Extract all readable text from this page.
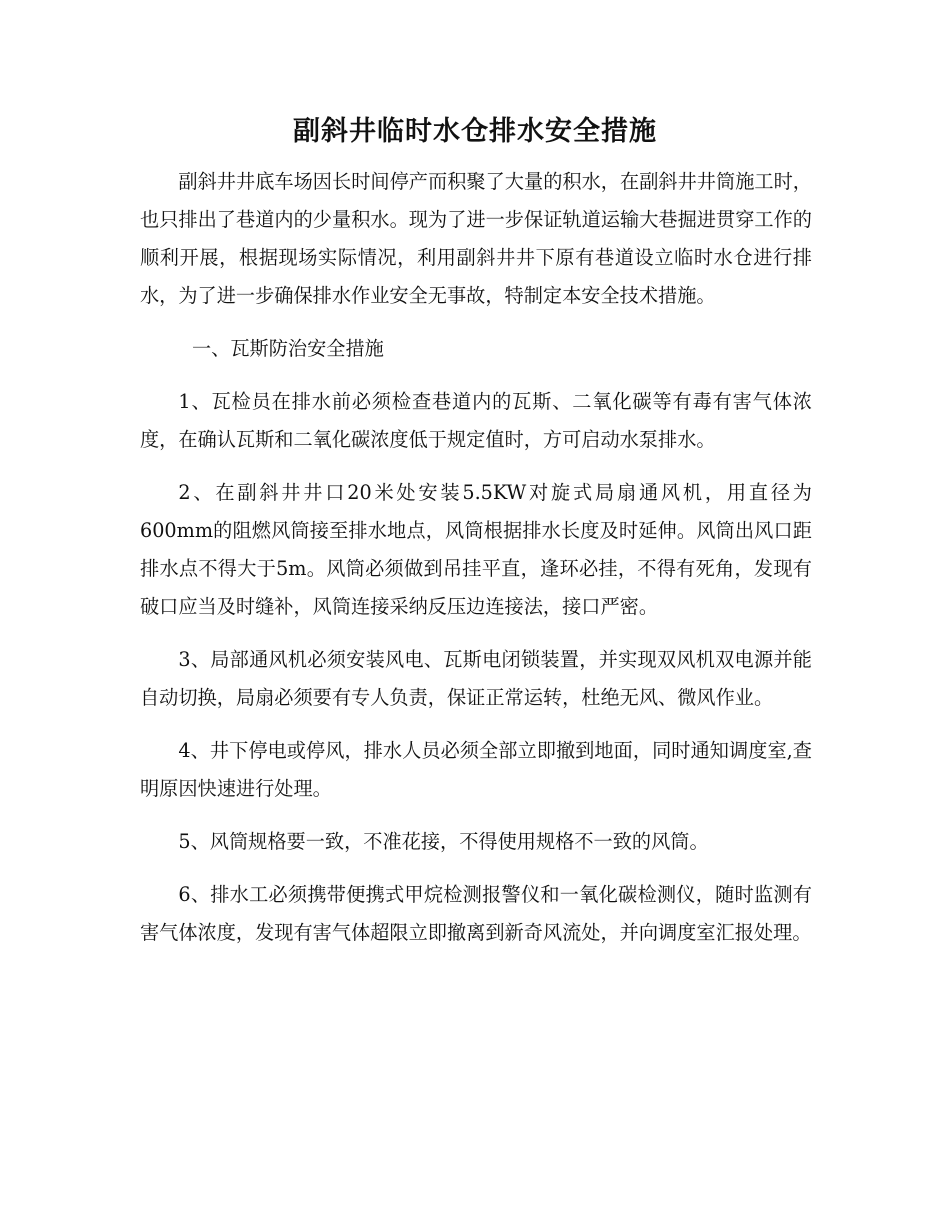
副斜井临时水仓排水安全措施

副斜井井底车场因长时间停产而积聚了大量的积水，在副斜井井筒施工时，也只排出了巷道内的少量积水。现为了进一步保证轨道运输大巷掘进贯穿工作的顺利开展，根据现场实际情况，利用副斜井井下原有巷道设立临时水仓进行排水，为了进一步确保排水作业安全无事故，特制定本安全技术措施。

一、瓦斯防治安全措施

1、瓦检员在排水前必须检查巷道内的瓦斯、二氧化碳等有毒有害气体浓度，在确认瓦斯和二氧化碳浓度低于规定值时，方可启动水泵排水。

2、在副斜井井口20米处安装5.5KW对旋式局扇通风机，用直径为600mm的阻燃风筒接至排水地点，风筒根据排水长度及时延伸。风筒出风口距排水点不得大于5m。风筒必须做到吊挂平直，逢环必挂，不得有死角，发现有破口应当及时缝补，风筒连接采纳反压边连接法，接口严密。

3、局部通风机必须安装风电、瓦斯电闭锁装置，并实现双风机双电源并能自动切换，局扇必须要有专人负责，保证正常运转，杜绝无风、微风作业。

4、井下停电或停风，排水人员必须全部立即撤到地面，同时通知调度室,查明原因快速进行处理。

5、风筒规格要一致，不准花接，不得使用规格不一致的风筒。

6、排水工必须携带便携式甲烷检测报警仪和一氧化碳检测仪，随时监测有害气体浓度，发现有害气体超限立即撤离到新奇风流处，并向调度室汇报处理。
